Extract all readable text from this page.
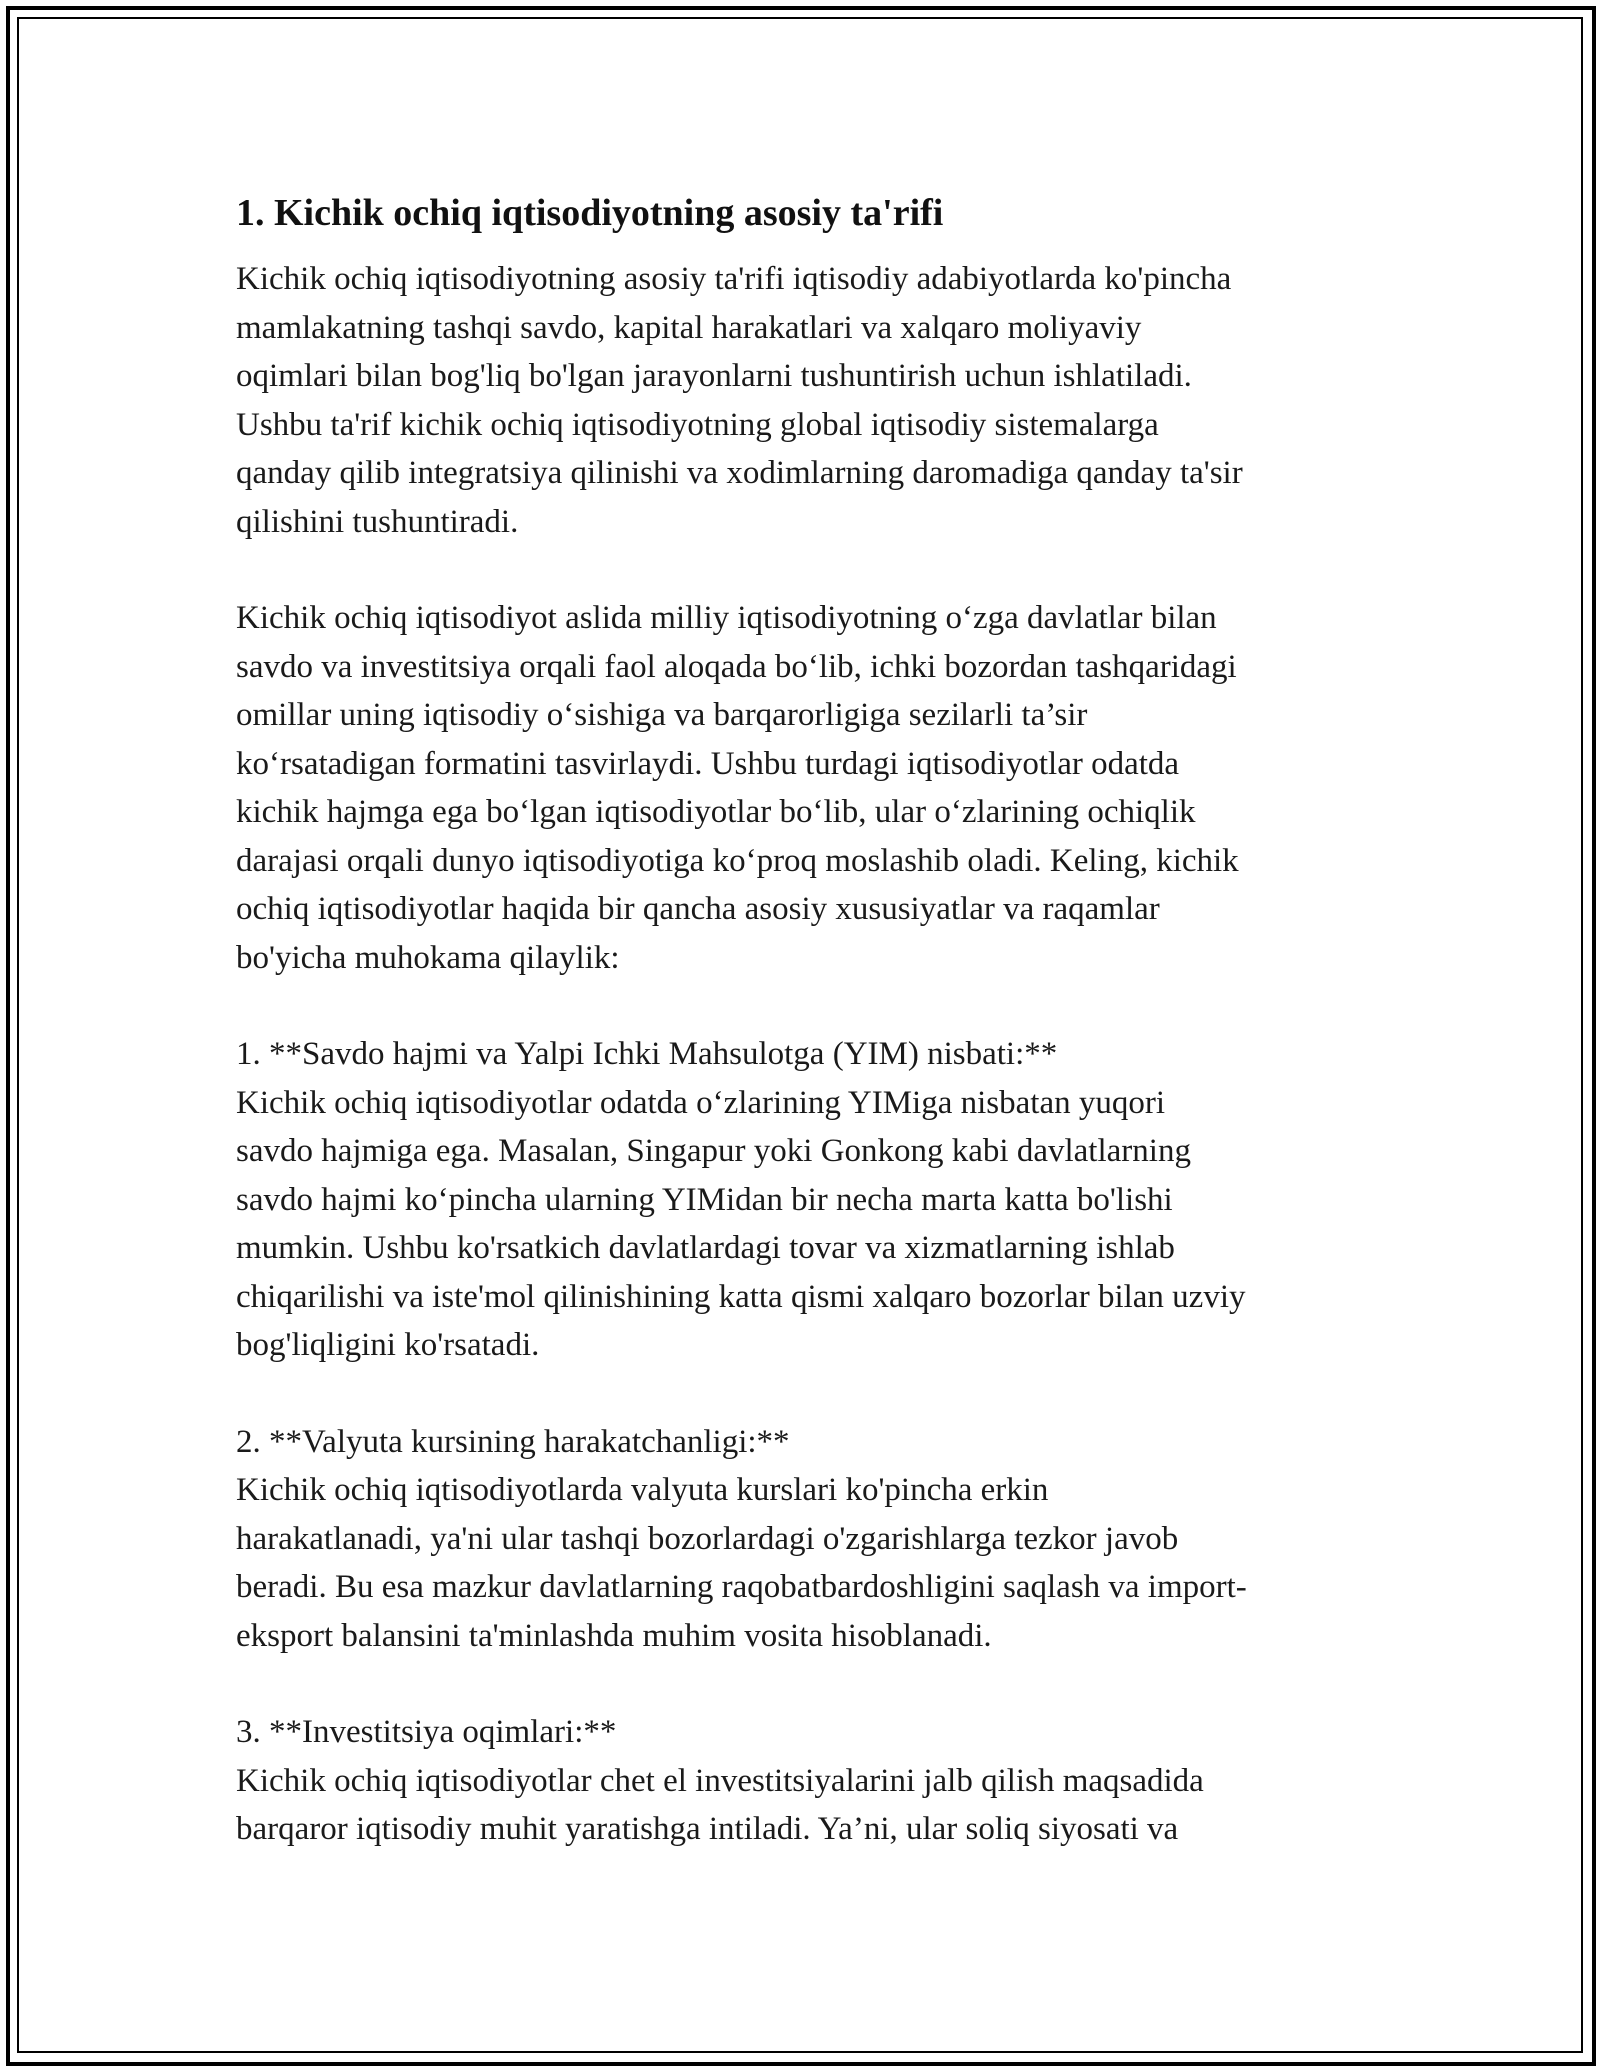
1. Kichik ochiq iqtisodiyotning asosiy ta'rifi

Kichik ochiq iqtisodiyotning asosiy ta'rifi iqtisodiy adabiyotlarda ko'pincha
mamlakatning tashqi savdo, kapital harakatlari va xalqaro moliyaviy
oqimlari bilan bog'liq bo'lgan jarayonlarni tushuntirish uchun ishlatiladi.
Ushbu ta'rif kichik ochiq iqtisodiyotning global iqtisodiy sistemalarga
qanday qilib integratsiya qilinishi va xodimlarning daromadiga qanday ta'sir
qilishini tushuntiradi.

Kichik ochiq iqtisodiyot aslida milliy iqtisodiyotning o‘zga davlatlar bilan
savdo va investitsiya orqali faol aloqada bo‘lib, ichki bozordan tashqaridagi
omillar uning iqtisodiy o‘sishiga va barqarorligiga sezilarli ta’sir
ko‘rsatadigan formatini tasvirlaydi. Ushbu turdagi iqtisodiyotlar odatda
kichik hajmga ega bo‘lgan iqtisodiyotlar bo‘lib, ular o‘zlarining ochiqlik
darajasi orqali dunyo iqtisodiyotiga ko‘proq moslashib oladi. Keling, kichik
ochiq iqtisodiyotlar haqida bir qancha asosiy xususiyatlar va raqamlar
bo'yicha muhokama qilaylik:

1. **Savdo hajmi va Yalpi Ichki Mahsulotga (YIM) nisbati:**
Kichik ochiq iqtisodiyotlar odatda o‘zlarining YIMiga nisbatan yuqori
savdo hajmiga ega. Masalan, Singapur yoki Gonkong kabi davlatlarning
savdo hajmi ko‘pincha ularning YIMidan bir necha marta katta bo'lishi
mumkin. Ushbu ko'rsatkich davlatlardagi tovar va xizmatlarning ishlab
chiqarilishi va iste'mol qilinishining katta qismi xalqaro bozorlar bilan uzviy
bog'liqligini ko'rsatadi.

2. **Valyuta kursining harakatchanligi:**
Kichik ochiq iqtisodiyotlarda valyuta kurslari ko'pincha erkin
harakatlanadi, ya'ni ular tashqi bozorlardagi o'zgarishlarga tezkor javob
beradi. Bu esa mazkur davlatlarning raqobatbardoshligini saqlash va import-
eksport balansini ta'minlashda muhim vosita hisoblanadi.

3. **Investitsiya oqimlari:**
Kichik ochiq iqtisodiyotlar chet el investitsiyalarini jalb qilish maqsadida
barqaror iqtisodiy muhit yaratishga intiladi. Ya’ni, ular soliq siyosati va
